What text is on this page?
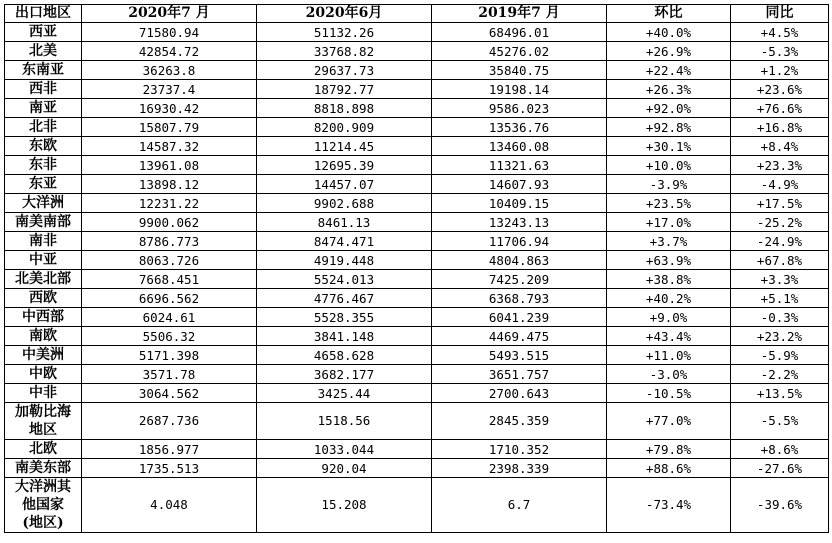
出口地区	2020年7 月	2020年6月	2019年7 月	环比	同比

西亚	71580.94	51132.26	68496.01	+40.0%	+4.5%

北美	42854.72	33768.82	45276.02	+26.9%	-5.3%

东南亚	36263.8	29637.73	35840.75	+22.4%	+1.2%

西非	23737.4	18792.77	19198.14	+26.3%	+23.6%

南亚	16930.42	8818.898	9586.023	+92.0%	+76.6%

北非	15807.79	8200.909	13536.76	+92.8%	+16.8%

东欧	14587.32	11214.45	13460.08	+30.1%	+8.4%

东非	13961.08	12695.39	11321.63	+10.0%	+23.3%

东亚	13898.12	14457.07	14607.93	-3.9%	-4.9%

大洋洲	12231.22	9902.688	10409.15	+23.5%	+17.5%

南美南部	9900.062	8461.13	13243.13	+17.0%	-25.2%

南非	8786.773	8474.471	11706.94	+3.7%	-24.9%

中亚	8063.726	4919.448	4804.863	+63.9%	+67.8%

北美北部	7668.451	5524.013	7425.209	+38.8%	+3.3%

西欧	6696.562	4776.467	6368.793	+40.2%	+5.1%

中西部	6024.61	5528.355	6041.239	+9.0%	-0.3%

南欧	5506.32	3841.148	4469.475	+43.4%	+23.2%

中美洲	5171.398	4658.628	5493.515	+11.0%	-5.9%

中欧	3571.78	3682.177	3651.757	-3.0%	-2.2%

中非	3064.562	3425.44	2700.643	-10.5%	+13.5%

加勒比海
地区	2687.736	1518.56	2845.359	+77.0%	-5.5%

北欧	1856.977	1033.044	1710.352	+79.8%	+8.6%

南美东部	1735.513	920.04	2398.339	+88.6%	-27.6%

大洋洲其
他国家
(地区)	4.048	15.208	6.7	-73.4%	-39.6%
